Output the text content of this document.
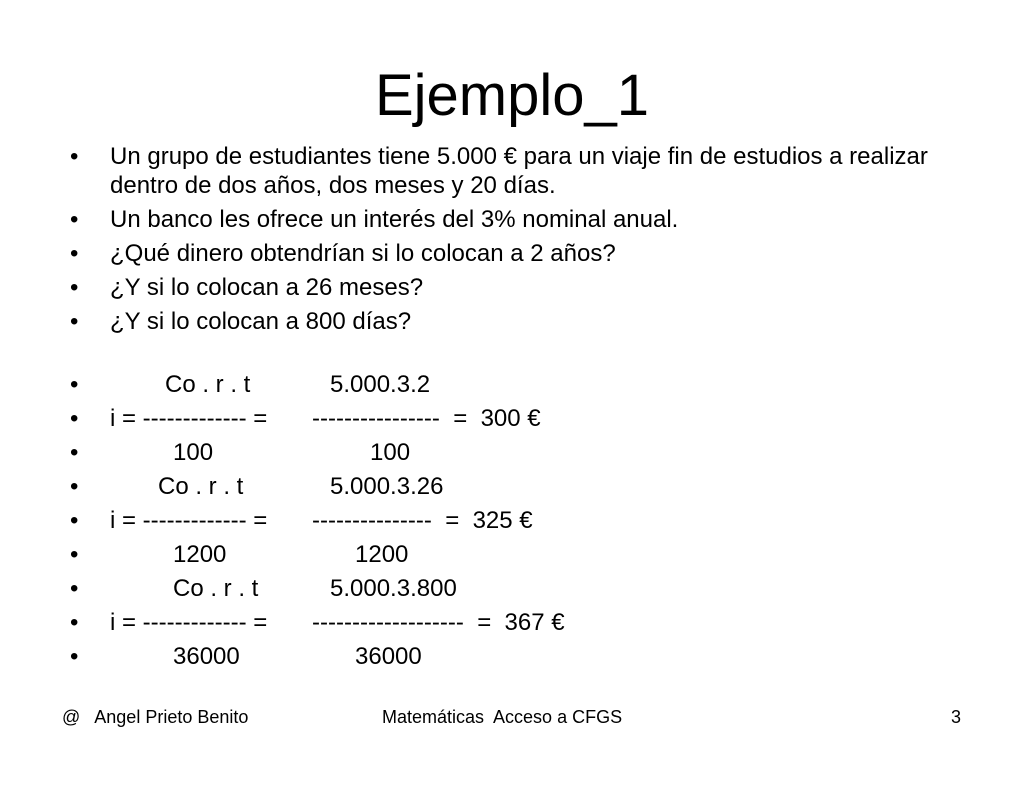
Ejemplo_1
•	Un grupo de estudiantes tiene 5.000 € para un viaje fin de estudios a realizar dentro de dos años, dos meses y 20 días.
•	Un banco les ofrece un interés del 3% nominal anual.
•	¿Qué dinero obtendrían si lo colocan a 2 años?
•	¿Y si lo colocan a 26 meses?
•	¿Y si lo colocan a 800 días?

•

	Co . r . t

	5.000.3.2

•

i = ------------- =

----------------  =  300 €

•

	100

	100

•

	Co . r . t

	5.000.3.26

•

i = ------------- =

---------------  =  325 €

•

	1200

	1200

•

	Co . r . t

	5.000.3.800

•

i = ------------- =

-------------------  =  367 €

•

	36000

	36000

@   Angel Prieto Benito	Matemáticas  Acceso a CFGS	3
